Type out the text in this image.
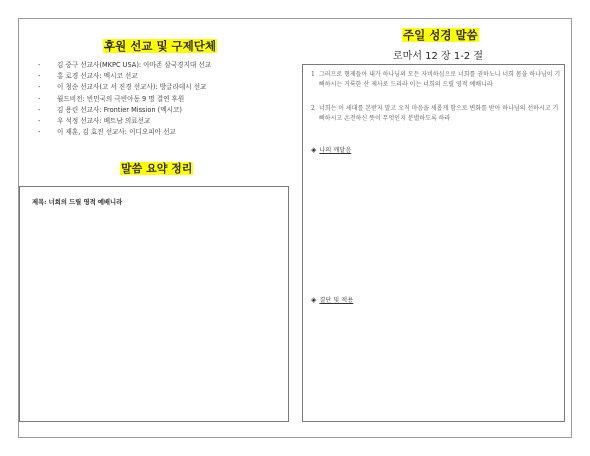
후원 선교 및 구제단체
- 김 중구 선교사(MKPC USA): 아마존 삼국경지대 선교
- 홍 로경 선교사: 멕시코 선교
- 이 청순 선교사(고 서 진경 선교사): 방글라데시 선교
- 월드비전: 빈민국의 극빈아동 9 명 결연 후원
- 김 용린 선교사: Frontier Mission (멕시코)
- 우 석정 선교사: 베트남 의료선교
- 이 재훈, 김 효진 선교사: 이디오피아 선교
말씀 요약 정리
제목: 너희의 드릴 영적 예배니라
주일 성경 말씀
로마서 12 장 1-2 절
1 그러므로 형제들아 내가 하나님의 모든 자비하심으로 너희를 권하노니 너희 몸을 하나님이 기뻐하시는 거룩한 산 제사로 드리라 이는 너희의 드릴 영적 예배니라
2 너희는 이 세대를 본받지 말고 오직 마음을 새롭게 함으로 변화를 받아 하나님의 선하시고 기뻐하시고 온전하신 뜻이 무엇인지 분별하도록 하라
◈ 나의 깨달음
◈ 결단 및 적용
